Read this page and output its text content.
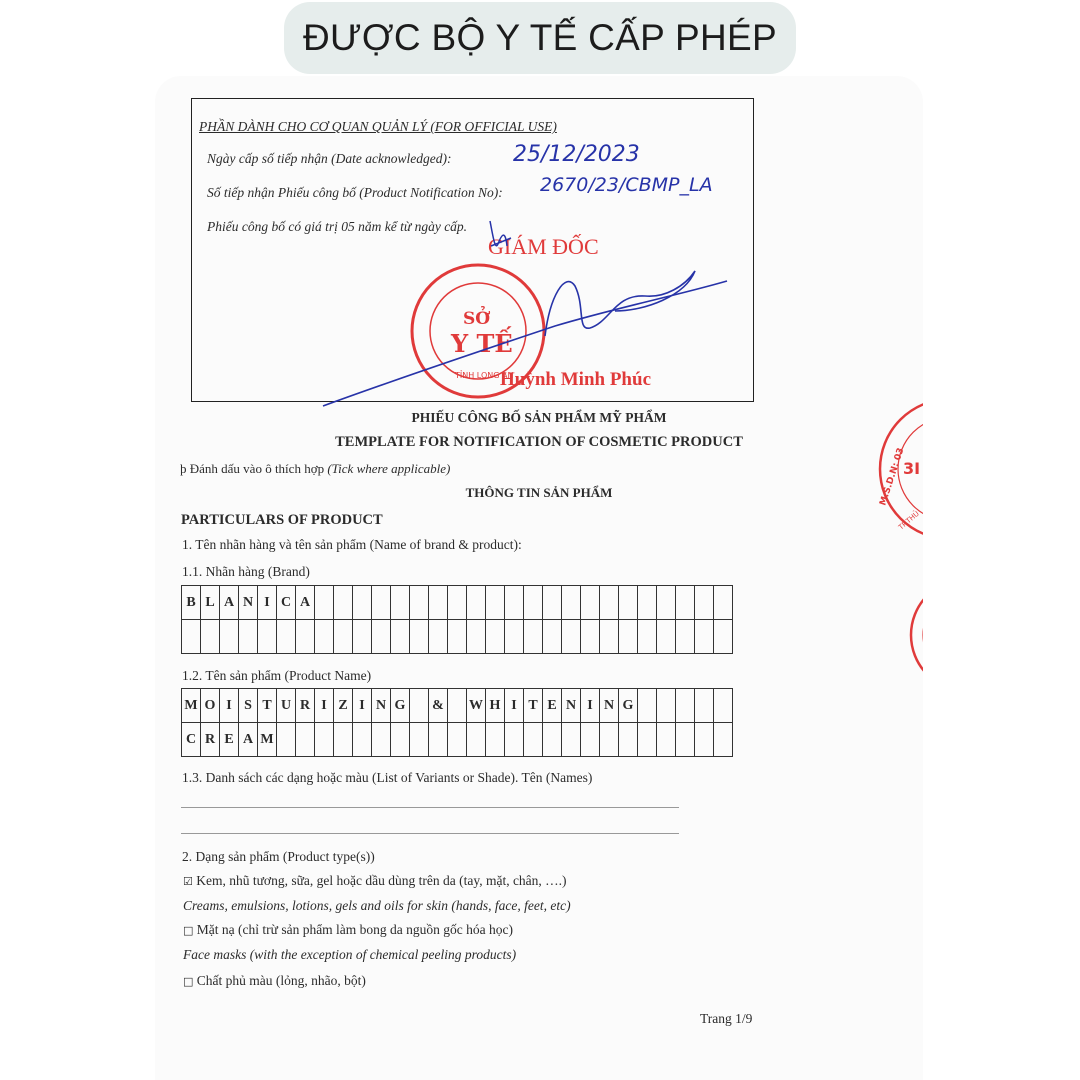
ĐƯỢC BỘ Y TẾ CẤP PHÉP
PHẦN DÀNH CHO CƠ QUAN QUẢN LÝ (FOR OFFICIAL USE)
Ngày cấp số tiếp nhận (Date acknowledged):	25/12/2023
Số tiếp nhận Phiếu công bố (Product Notification No): 2670/23/CBMP_LA
Phiếu công bố có giá trị 05 năm kể từ ngày cấp.
GIÁM ĐỐC
Huỳnh Minh Phúc
SỞ
Y TẾ
TỈNH LONG AN
PHIẾU CÔNG BỐ SẢN PHẨM MỸ PHẨM
TEMPLATE FOR NOTIFICATION OF COSMETIC PRODUCT
þ Đánh dấu vào ô thích hợp (Tick where applicable)
THÔNG TIN SẢN PHẨM
PARTICULARS OF PRODUCT
1. Tên nhãn hàng và tên sản phẩm (Name of brand & product):
1.1. Nhãn hàng (Brand)
B	L	A	N	I	C	A																						

1.2. Tên sản phẩm (Product Name)
M	O	I	S	T	U	R	I	Z	I	N	G		&		W	H	I	T	E	N	I	N	G					
C	R	E	A	M																								
1.3. Danh sách các dạng hoặc màu (List of Variants or Shade). Tên (Names)
2. Dạng sản phẩm (Product type(s))
☑ Kem, nhũ tương, sữa, gel hoặc dầu dùng trên da (tay, mặt, chân, ….)
Creams, emulsions, lotions, gels and oils for skin (hands, face, feet, etc)
□ Mặt nạ (chỉ trừ sản phẩm làm bong da nguồn gốc hóa học)
Face masks (with the exception of chemical peeling products)
□ Chất phủ màu (lỏng, nhão, bột)
Trang 1/9
M.S.D.N: 03
3I
TP.THỦ
